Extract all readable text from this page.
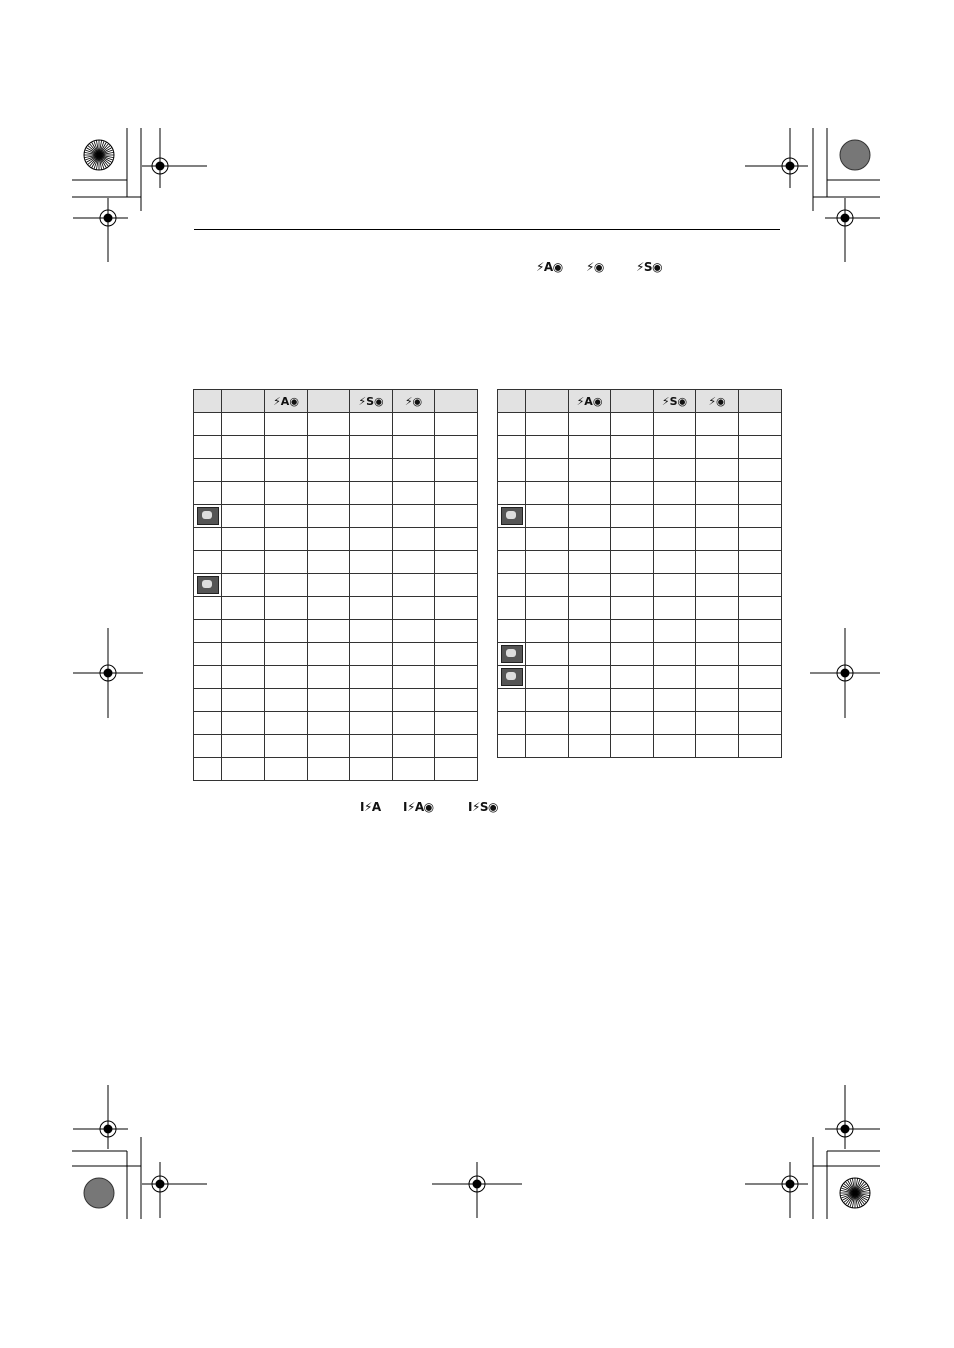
⚡A◉ ⚡◉	⚡S◉
		⚡A◉		⚡S◉	⚡◉	

			⚡A◉		⚡S◉	⚡◉	

I⚡A I⚡A◉	I⚡S◉
